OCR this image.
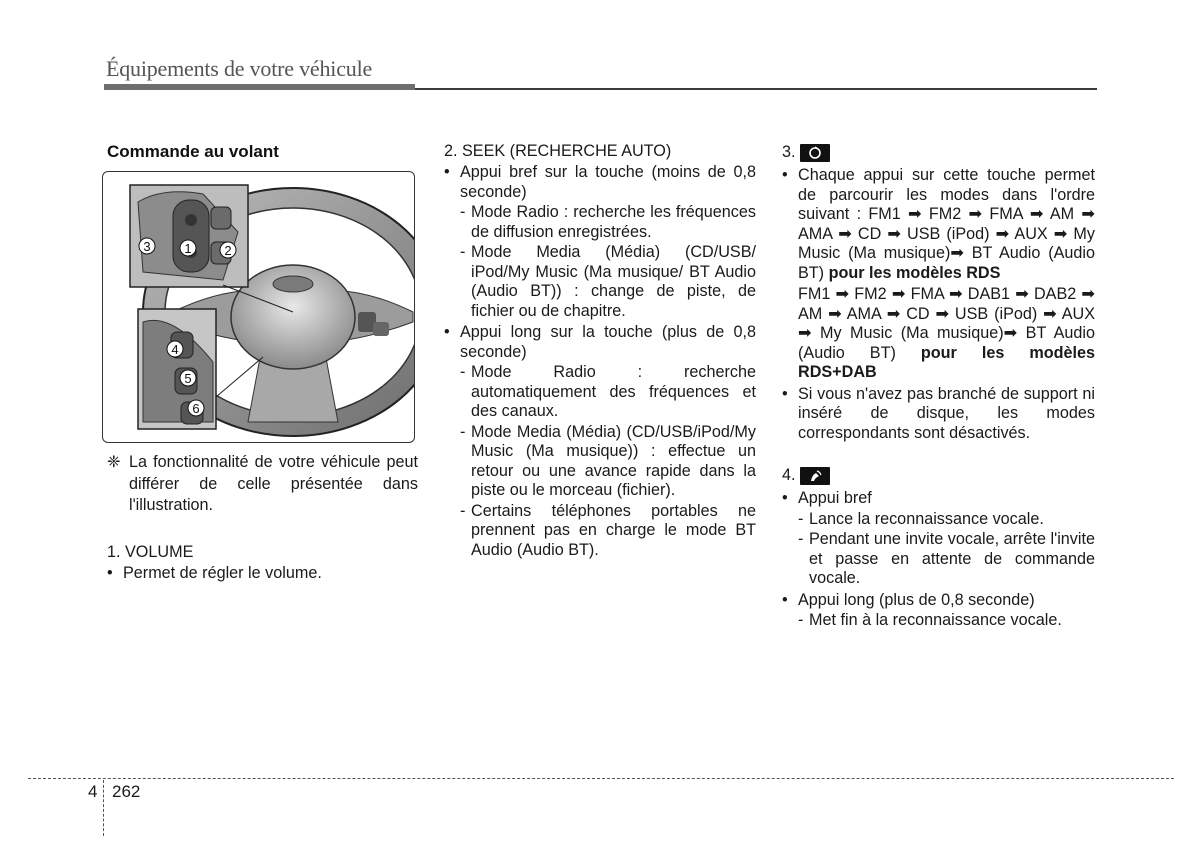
Équipements de votre véhicule
Commande au volant
1	2
3
4
5
6
❈ La fonctionnalité de votre véhicule peut différer de celle présentée dans l'illustration.

1. VOLUME

• Permet de régler le volume.

2. SEEK (RECHERCHE AUTO)

• Appui bref sur la touche (moins de 0,8 seconde)

- Mode Radio : recherche les fréquences de diffusion enregistrées.

- Mode Media (Média) (CD/USB/ iPod/My Music (Ma musique/ BT Audio (Audio BT)) : change de piste, de fichier ou de chapitre.

• Appui long sur la touche (plus de 0,8 seconde)

- Mode Radio : recherche automatiquement des fréquences et des canaux.

- Mode Media (Média) (CD/USB/iPod/My Music (Ma musique)) : effectue un retour ou une avance rapide dans la piste ou le morceau (fichier).

- Certains téléphones portables ne prennent pas en charge le mode BT Audio (Audio BT).

3.

• Chaque appui sur cette touche permet de parcourir les modes dans l'ordre suivant : FM1 ➡ FM2 ➡ FMA ➡ AM ➡ AMA ➡ CD ➡ USB (iPod) ➡ AUX ➡ My Music (Ma musique)➡ BT Audio (Audio BT) pour les modèles RDS

• FM1 ➡ FM2 ➡ FMA ➡ DAB1 ➡ DAB2 ➡ AM ➡ AMA ➡ CD ➡ USB (iPod) ➡ AUX ➡ My Music (Ma musique)➡ BT Audio (Audio BT) pour les modèles RDS+DAB

• Si vous n'avez pas branché de support ni inséré de disque, les modes correspondants sont désactivés.

4.

• Appui bref

- Lance la reconnaissance vocale.

- Pendant une invite vocale, arrête l'invite et passe en attente de commande vocale.

• Appui long (plus de 0,8 seconde)

- Met fin à la reconnaissance vocale.

4 262
